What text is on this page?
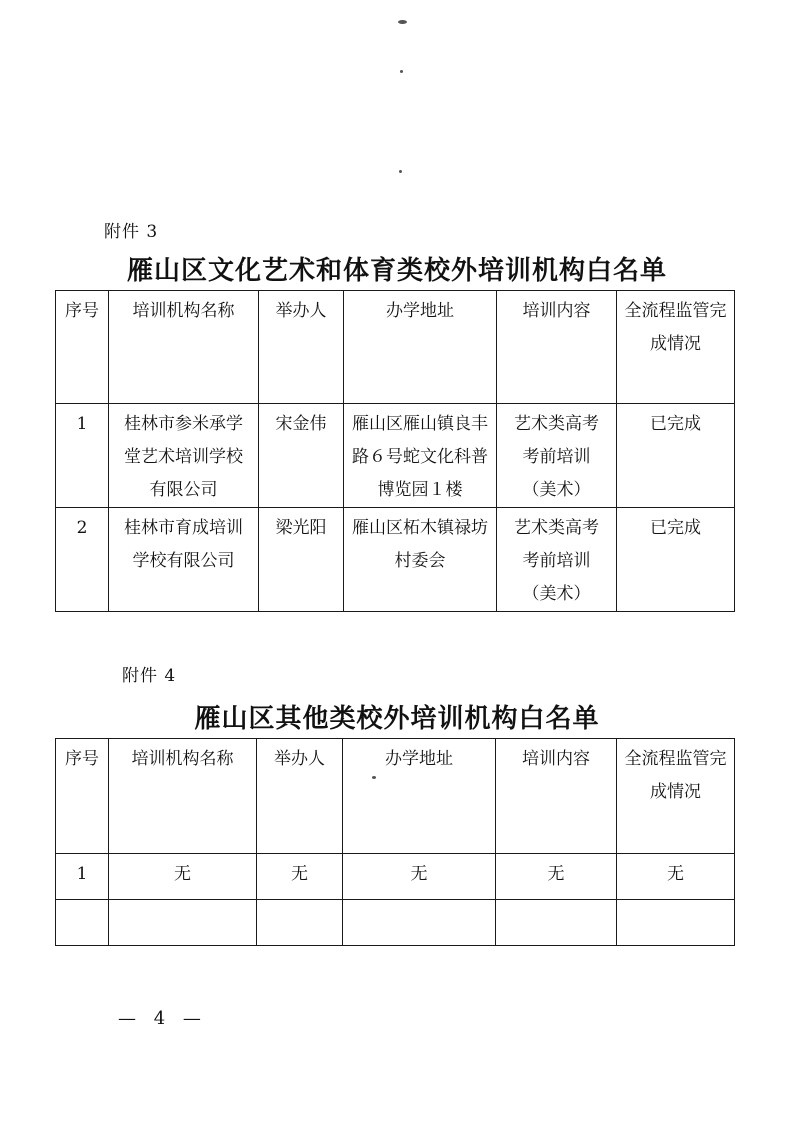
附件 3
雁山区文化艺术和体育类校外培训机构白名单
序号	培训机构名称	举办人	办学地址	培训内容	全流程监管完成情况
1	桂林市参米承学堂艺术培训学校有限公司	宋金伟	雁山区雁山镇良丰路６号蛇文化科普博览园１楼	艺术类高考考前培训（美术）	已完成
2	桂林市育成培训学校有限公司	梁光阳	雁山区柘木镇禄坊村委会	艺术类高考考前培训（美术）	已完成
附件 4
雁山区其他类校外培训机构白名单
序号	培训机构名称	举办人	办学地址	培训内容	全流程监管完成情况
1	无	无	无	无	无

— 4 —
